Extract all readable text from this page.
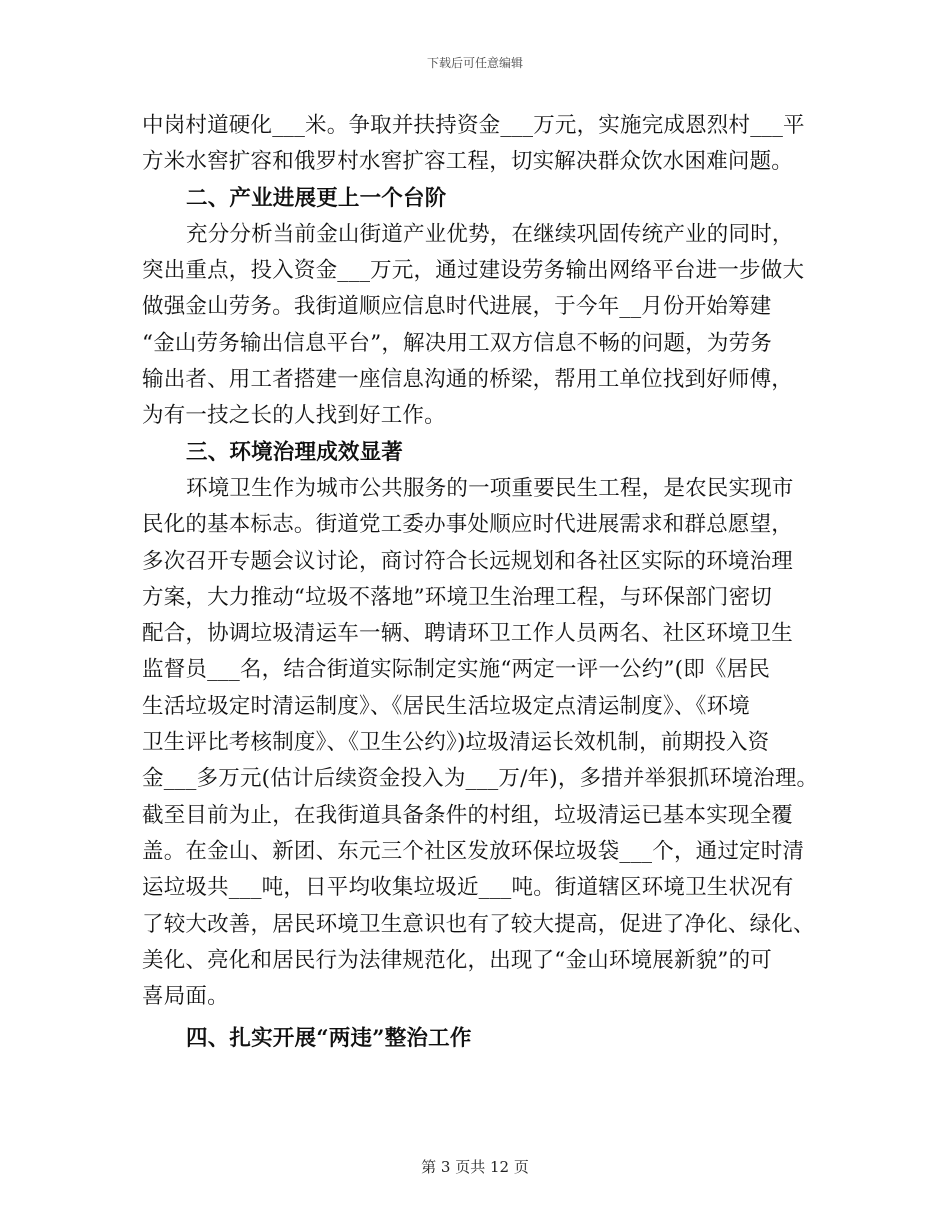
下载后可任意编辑
中岗村道硬化___米。争取并扶持资金___万元，实施完成恩烈村___平
方米水窖扩容和俄罗村水窖扩容工程，切实解决群众饮水困难问题。
二、产业进展更上一个台阶
充分分析当前金山街道产业优势，在继续巩固传统产业的同时，
突出重点，投入资金___万元，通过建设劳务输出网络平台进一步做大
做强金山劳务。我街道顺应信息时代进展，于今年__月份开始筹建
“金山劳务输出信息平台”，解决用工双方信息不畅的问题，为劳务
输出者、用工者搭建一座信息沟通的桥梁，帮用工单位找到好师傅，
为有一技之长的人找到好工作。
三、环境治理成效显著
环境卫生作为城市公共服务的一项重要民生工程，是农民实现市
民化的基本标志。街道党工委办事处顺应时代进展需求和群总愿望，
多次召开专题会议讨论，商讨符合长远规划和各社区实际的环境治理
方案，大力推动“垃圾不落地”环境卫生治理工程，与环保部门密切
配合，协调垃圾清运车一辆、聘请环卫工作人员两名、社区环境卫生
监督员___名，结合街道实际制定实施“两定一评一公约”(即《居民
生活垃圾定时清运制度》、《居民生活垃圾定点清运制度》、《环境
卫生评比考核制度》、《卫生公约》)垃圾清运长效机制，前期投入资
金___多万元(估计后续资金投入为___万/年)，多措并举狠抓环境治理。
截至目前为止，在我街道具备条件的村组，垃圾清运已基本实现全覆
盖。在金山、新团、东元三个社区发放环保垃圾袋___个，通过定时清
运垃圾共___吨，日平均收集垃圾近___吨。街道辖区环境卫生状况有
了较大改善，居民环境卫生意识也有了较大提高，促进了净化、绿化、
美化、亮化和居民行为法律规范化，出现了“金山环境展新貌”的可
喜局面。
四、扎实开展“两违”整治工作
第 3 页共 12 页
